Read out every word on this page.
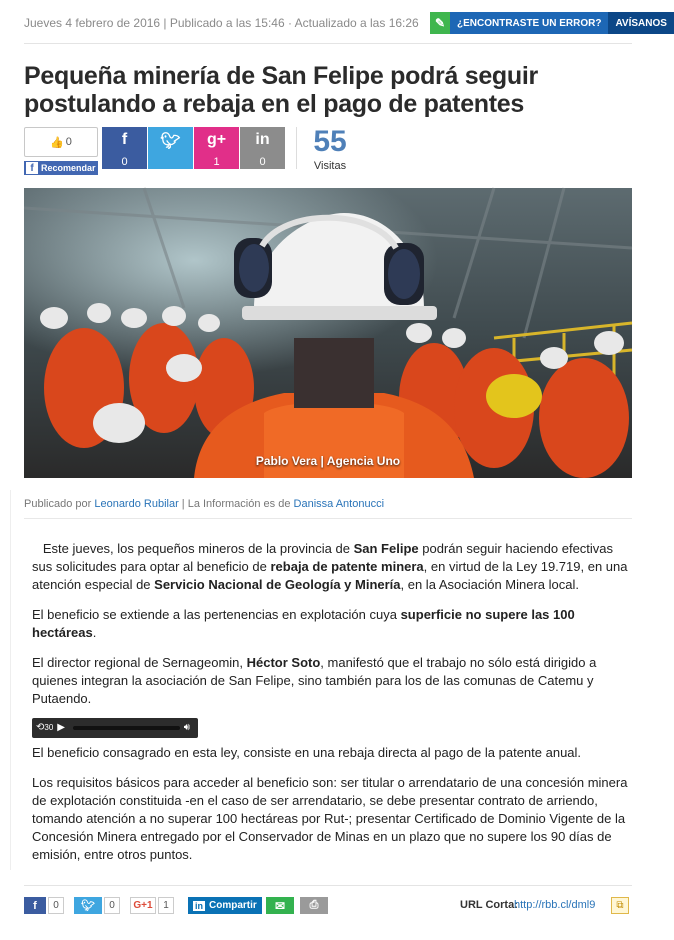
Jueves 4 febrero de 2016 | Publicado a las 15:46 · Actualizado a las 16:26	✎	¿ENCONTRASTE UN ERROR?	AVÍSANOS
Pequeña minería de San Felipe podrá seguir postulando a rebaja en el pago de patentes
👍 0
f Recomendar
f
0
🐦︎	g+
1
in
0
55
Visitas
Pablo Vera | Agencia Uno
Publicado por Leonardo Rubilar | La Información es de Danissa Antonucci

Este jueves, los pequeños mineros de la provincia de San Felipe podrán seguir haciendo efectivas sus solicitudes para optar al beneficio de rebaja de patente minera, en virtud de la Ley 19.719, en una atención especial de Servicio Nacional de Geología y Minería, en la Asociación Minera local.

El beneficio se extiende a las pertenencias en explotación cuya superficie no supere las 100 hectáreas.

El director regional de Sernageomin, Héctor Soto, manifestó que el trabajo no sólo está dirigido a quienes integran la asociación de San Felipe, sino también para los de las comunas de Catemu y Putaendo.

⟲30 ▶	🔊︎

El beneficio consagrado en esta ley, consiste en una rebaja directa al pago de la patente anual.

Los requisitos básicos para acceder al beneficio son: ser titular o arrendatario de una concesión minera de explotación constituida -en el caso de ser arrendatario, se debe presentar contrato de arriendo, tomando atención a no superar 100 hectáreas por Rut-; presentar Certificado de Dominio Vigente de la Concesión Minera entregado por el Conservador de Minas en un plazo que no supere los 90 días de emisión, entre otros puntos.

f	0	🐦︎	0	G+1	1	in Compartir	✉	⎙	URL Corta:
http://rbb.cl/dml9	⧉
